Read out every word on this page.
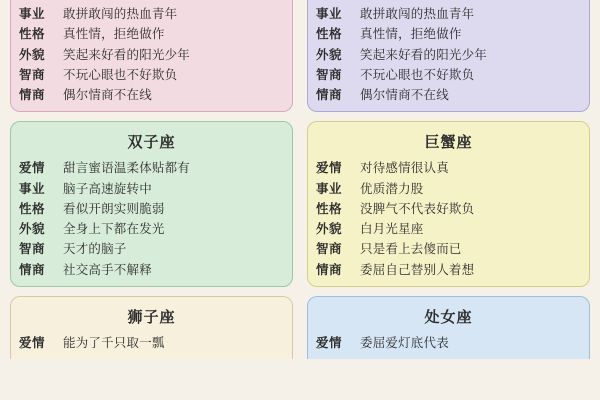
事业	敢拼敢闯的热血青年
性格	真性情，拒绝做作
外貌	笑起来好看的阳光少年
智商	不玩心眼也不好欺负
情商	偶尔情商不在线
双子座
爱情	甜言蜜语温柔体贴都有
事业	脑子高速旋转中
性格	看似开朗实则脆弱
外貌	全身上下都在发光
智商	天才的脑子
情商	社交高手不解释
狮子座
爱情	能为了千只取一瓢
事业	敢拼敢闯的热血青年
性格	真性情，拒绝做作
外貌	笑起来好看的阳光少年
智商	不玩心眼也不好欺负
情商	偶尔情商不在线
巨蟹座
爱情	对待感情很认真
事业	优质潜力股
性格	没脾气不代表好欺负
外貌	白月光星座
智商	只是看上去傻而已
情商	委屈自己替别人着想
处女座
爱情	委屈爱灯底代表
